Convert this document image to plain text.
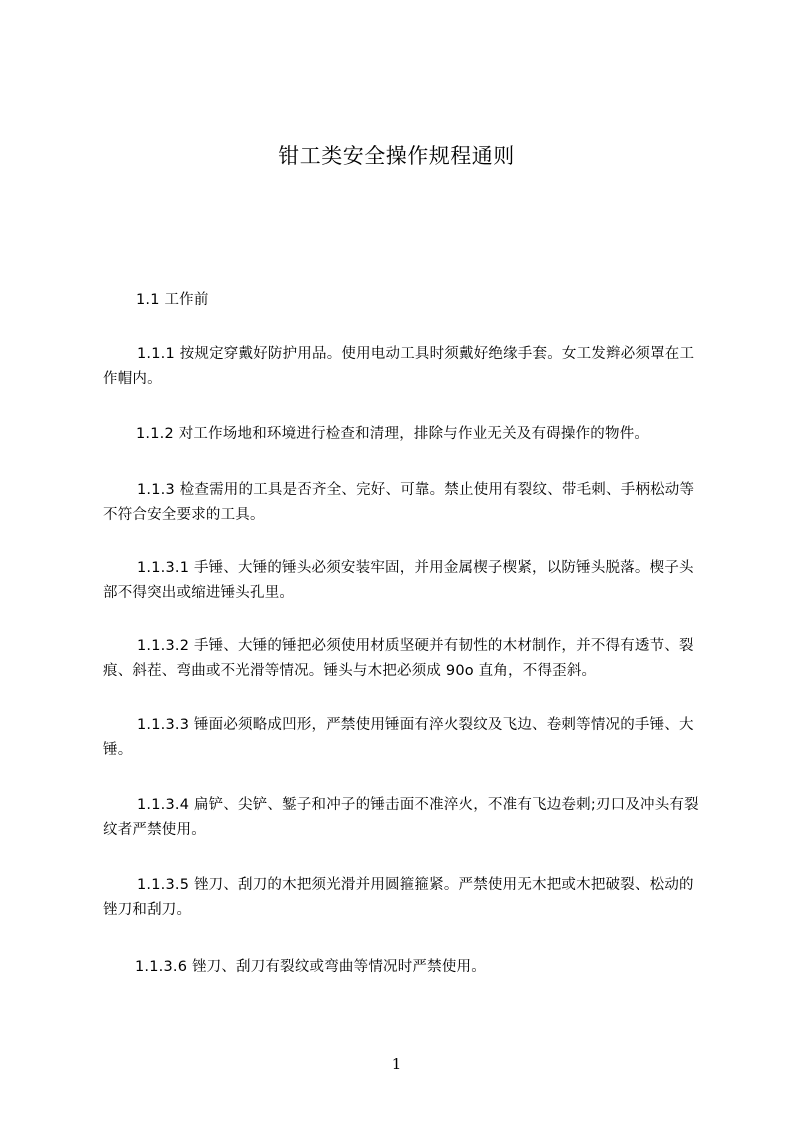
钳工类安全操作规程通则
1.1 工作前
1.1.1 按规定穿戴好防护用品。使用电动工具时须戴好绝缘手套。女工发辫必须罩在工作帽内。
1.1.2 对工作场地和环境进行检查和清理，排除与作业无关及有碍操作的物件。
1.1.3 检查需用的工具是否齐全、完好、可靠。禁止使用有裂纹、带毛刺、手柄松动等不符合安全要求的工具。
1.1.3.1 手锤、大锤的锤头必须安装牢固，并用金属楔子楔紧，以防锤头脱落。楔子头部不得突出或缩进锤头孔里。
1.1.3.2 手锤、大锤的锤把必须使用材质坚硬并有韧性的木材制作，并不得有透节、裂痕、斜茬、弯曲或不光滑等情况。锤头与木把必须成 90o 直角，不得歪斜。
1.1.3.3 锤面必须略成凹形，严禁使用锤面有淬火裂纹及飞边、卷刺等情况的手锤、大锤。
1.1.3.4 扁铲、尖铲、錾子和冲子的锤击面不准淬火，不准有飞边卷刺;刃口及冲头有裂纹者严禁使用。
1.1.3.5 锉刀、刮刀的木把须光滑并用圆箍箍紧。严禁使用无木把或木把破裂、松动的锉刀和刮刀。
1.1.3.6 锉刀、刮刀有裂纹或弯曲等情况时严禁使用。
1
